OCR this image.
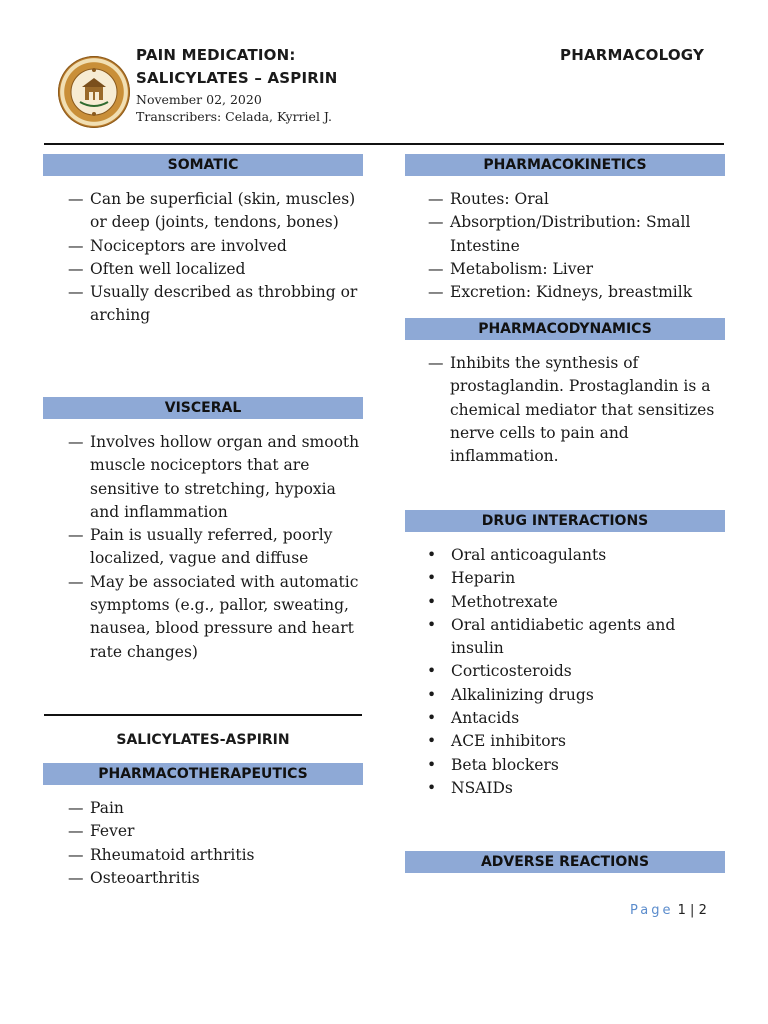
PAIN MEDICATION:
SALICYLATES – ASPIRIN
PHARMACOLOGY
November 02, 2020
Transcribers: Celada, Kyrriel J.
SOMATIC
— Can be superficial (skin, muscles) or deep (joints, tendons, bones)
— Nociceptors are involved
— Often well localized
— Usually described as throbbing or arching
VISCERAL
— Involves hollow organ and smooth muscle nociceptors that are sensitive to stretching, hypoxia and inflammation
— Pain is usually referred, poorly localized, vague and diffuse
— May be associated with automatic symptoms (e.g., pallor, sweating, nausea, blood pressure and heart rate changes)
SALICYLATES-ASPIRIN
PHARMACOTHERAPEUTICS
— Pain
— Fever
— Rheumatoid arthritis
— Osteoarthritis
PHARMACOKINETICS
— Routes: Oral
— Absorption/Distribution: Small Intestine
— Metabolism: Liver
— Excretion: Kidneys, breastmilk
PHARMACODYNAMICS
— Inhibits the synthesis of prostaglandin. Prostaglandin is a chemical mediator that sensitizes nerve cells to pain and inflammation.
DRUG INTERACTIONS
• Oral anticoagulants
• Heparin
• Methotrexate
• Oral antidiabetic agents and insulin
• Corticosteroids
• Alkalinizing drugs
• Antacids
• ACE inhibitors
• Beta blockers
• NSAIDs
ADVERSE REACTIONS
Page 1 | 2
